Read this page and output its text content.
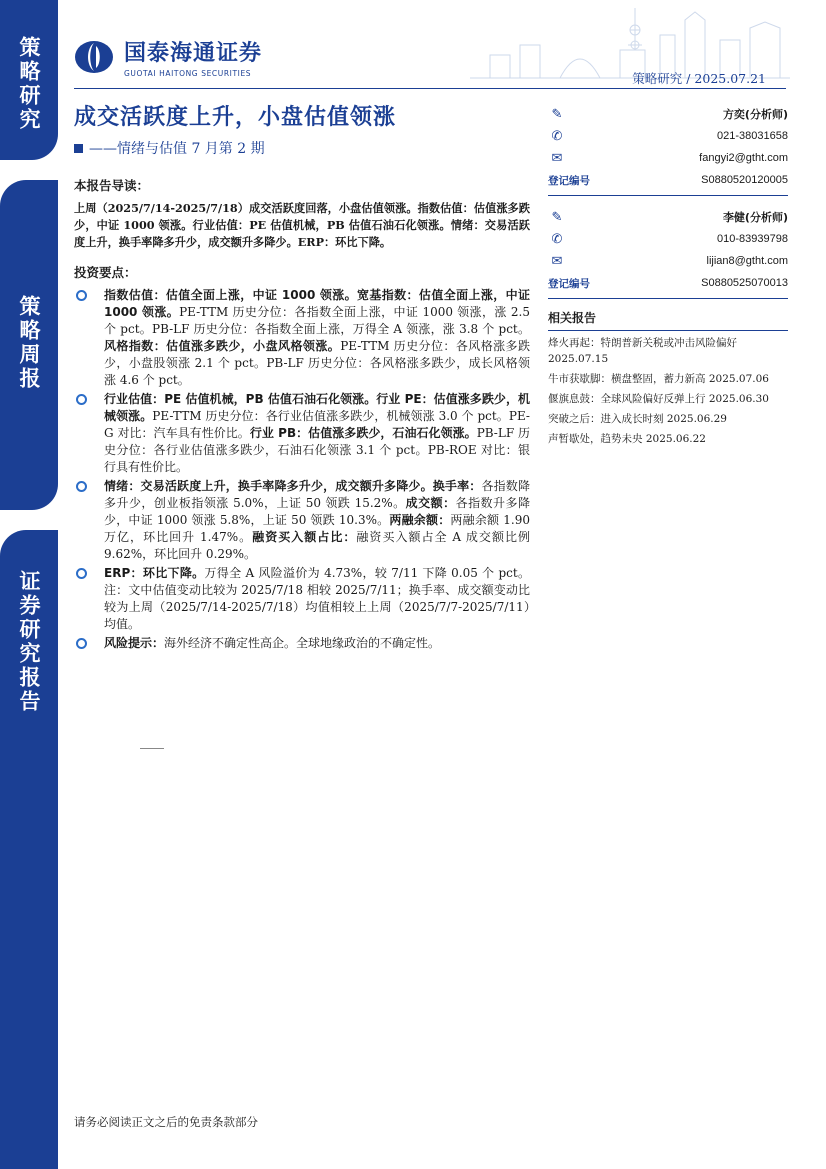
策略研究
策略周报
证券研究报告
国泰海通证券
GUOTAI HAITONG SECURITIES	策略研究 / 2025.07.21
成交活跃度上升，小盘估值领涨
——情绪与估值 7 月第 2 期
✎	方奕(分析师)
✆	021-38031658
✉	fangyi2@gtht.com
登记编号	S0880520120005
✎	李健(分析师)
✆	010-83939798
✉	lijian8@gtht.com
登记编号	S0880525070013
相关报告
烽火再起：特朗普新关税或冲击风险偏好 2025.07.15
牛市获歇脚：横盘整固，蓄力新高 2025.07.06
偃旗息鼓：全球风险偏好反弹上行 2025.06.30
突破之后：进入成长时刻 2025.06.29
声暂歇处，趋势未央 2025.06.22
本报告导读：
上周（2025/7/14-2025/7/18）成交活跃度回落，小盘估值领涨。指数估值：估值涨多跌少，中证 1000 领涨。行业估值：PE 估值机械，PB 估值石油石化领涨。情绪：交易活跃度上升，换手率降多升少，成交额升多降少。ERP：环比下降。
投资要点：
指数估值：估值全面上涨，中证 1000 领涨。宽基指数：估值全面上涨，中证 1000 领涨。PE-TTM 历史分位：各指数全面上涨，中证 1000 领涨，涨 2.5 个 pct。PB-LF 历史分位：各指数全面上涨，万得全 A 领涨，涨 3.8 个 pct。风格指数：估值涨多跌少，小盘风格领涨。PE-TTM 历史分位：各风格涨多跌少，小盘股领涨 2.1 个 pct。PB-LF 历史分位：各风格涨多跌少，成长风格领涨 4.6 个 pct。
行业估值：PE 估值机械，PB 估值石油石化领涨。行业 PE：估值涨多跌少，机械领涨。PE-TTM 历史分位：各行业估值涨多跌少，机械领涨 3.0 个 pct。PE-G 对比：汽车具有性价比。行业 PB：估值涨多跌少，石油石化领涨。PB-LF 历史分位：各行业估值涨多跌少，石油石化领涨 3.1 个 pct。PB-ROE 对比：银行具有性价比。
情绪：交易活跃度上升，换手率降多升少，成交额升多降少。换手率：各指数降多升少，创业板指领涨 5.0%，上证 50 领跌 15.2%。成交额：各指数升多降少，中证 1000 领涨 5.8%，上证 50 领跌 10.3%。两融余额：两融余额 1.90 万亿，环比回升 1.47%。融资买入额占比：融资买入额占全 A 成交额比例 9.62%，环比回升 0.29%。
ERP：环比下降。万得全 A 风险溢价为 4.73%，较 7/11 下降 0.05 个 pct。注：文中估值变动比较为 2025/7/18 相较 2025/7/11；换手率、成交额变动比较为上周（2025/7/14-2025/7/18）均值相较上上周（2025/7/7-2025/7/11）均值。
风险提示：海外经济不确定性高企。全球地缘政治的不确定性。
请务必阅读正文之后的免责条款部分
